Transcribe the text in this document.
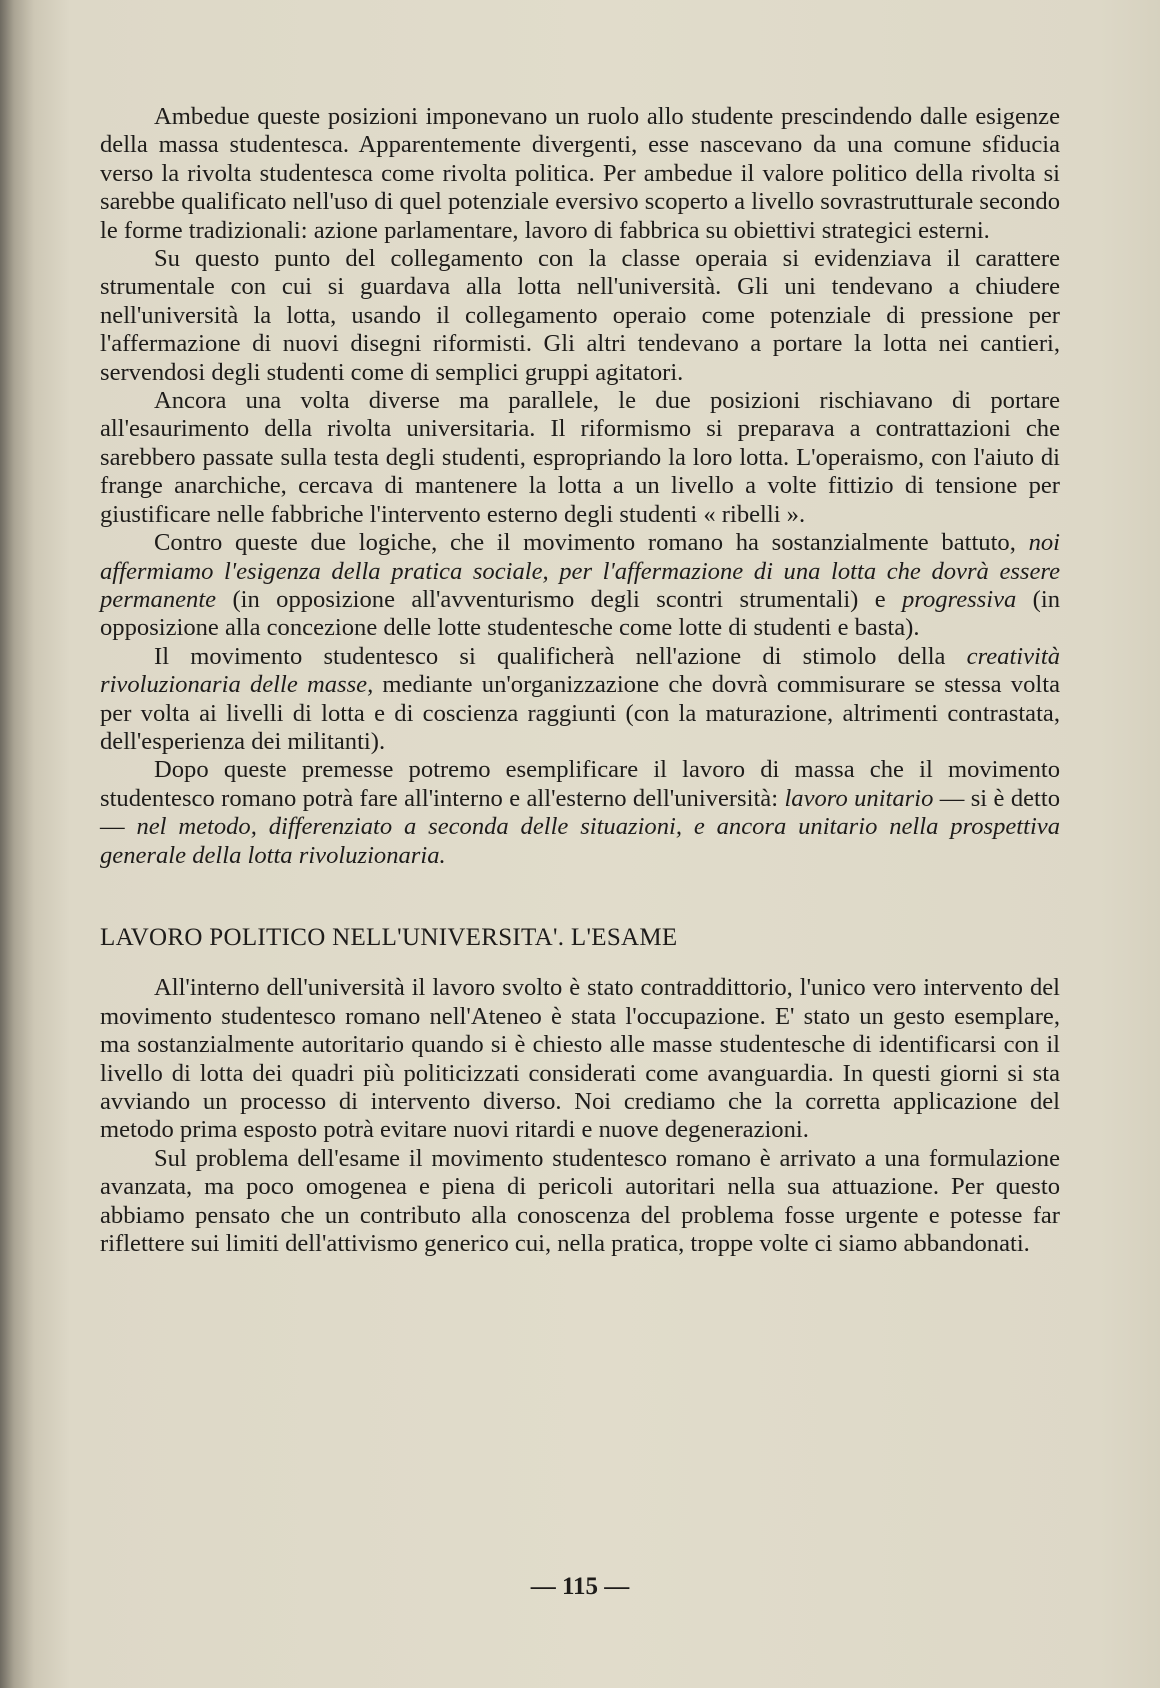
Ambedue queste posizioni imponevano un ruolo allo studente prescindendo dalle esigenze della massa studentesca. Apparentemente divergenti, esse nascevano da una comune sfiducia verso la rivolta studentesca come rivolta politica. Per ambedue il valore politico della rivolta si sarebbe qualificato nell'uso di quel potenziale eversivo scoperto a livello sovrastrutturale secondo le forme tradizionali: azione parlamentare, lavoro di fabbrica su obiettivi strategici esterni.

Su questo punto del collegamento con la classe operaia si evidenziava il carattere strumentale con cui si guardava alla lotta nell'università. Gli uni tendevano a chiudere nell'università la lotta, usando il collegamento operaio come potenziale di pressione per l'affermazione di nuovi disegni riformisti. Gli altri tendevano a portare la lotta nei cantieri, servendosi degli studenti come di semplici gruppi agitatori.

Ancora una volta diverse ma parallele, le due posizioni rischiavano di portare all'esaurimento della rivolta universitaria. Il riformismo si preparava a contrattazioni che sarebbero passate sulla testa degli studenti, espropriando la loro lotta. L'operaismo, con l'aiuto di frange anarchiche, cercava di mantenere la lotta a un livello a volte fittizio di tensione per giustificare nelle fabbriche l'intervento esterno degli studenti « ribelli ».

Contro queste due logiche, che il movimento romano ha sostanzialmente battuto, noi affermiamo l'esigenza della pratica sociale, per l'affermazione di una lotta che dovrà essere permanente (in opposizione all'avventurismo degli scontri strumentali) e progressiva (in opposizione alla concezione delle lotte studentesche come lotte di studenti e basta).

Il movimento studentesco si qualificherà nell'azione di stimolo della creatività rivoluzionaria delle masse, mediante un'organizzazione che dovrà commisurare se stessa volta per volta ai livelli di lotta e di coscienza raggiunti (con la maturazione, altrimenti contrastata, dell'esperienza dei militanti).

Dopo queste premesse potremo esemplificare il lavoro di massa che il movimento studentesco romano potrà fare all'interno e all'esterno dell'università: lavoro unitario — si è detto — nel metodo, differenziato a seconda delle situazioni, e ancora unitario nella prospettiva generale della lotta rivoluzionaria.

LAVORO POLITICO NELL'UNIVERSITA'. L'ESAME

All'interno dell'università il lavoro svolto è stato contraddittorio, l'unico vero intervento del movimento studentesco romano nell'Ateneo è stata l'occupazione. E' stato un gesto esemplare, ma sostanzialmente autoritario quando si è chiesto alle masse studentesche di identificarsi con il livello di lotta dei quadri più politicizzati considerati come avanguardia. In questi giorni si sta avviando un processo di intervento diverso. Noi crediamo che la corretta applicazione del metodo prima esposto potrà evitare nuovi ritardi e nuove degenerazioni.

Sul problema dell'esame il movimento studentesco romano è arrivato a una formulazione avanzata, ma poco omogenea e piena di pericoli autoritari nella sua attuazione. Per questo abbiamo pensato che un contributo alla conoscenza del problema fosse urgente e potesse far riflettere sui limiti dell'attivismo generico cui, nella pratica, troppe volte ci siamo abbandonati.

— 115 —
